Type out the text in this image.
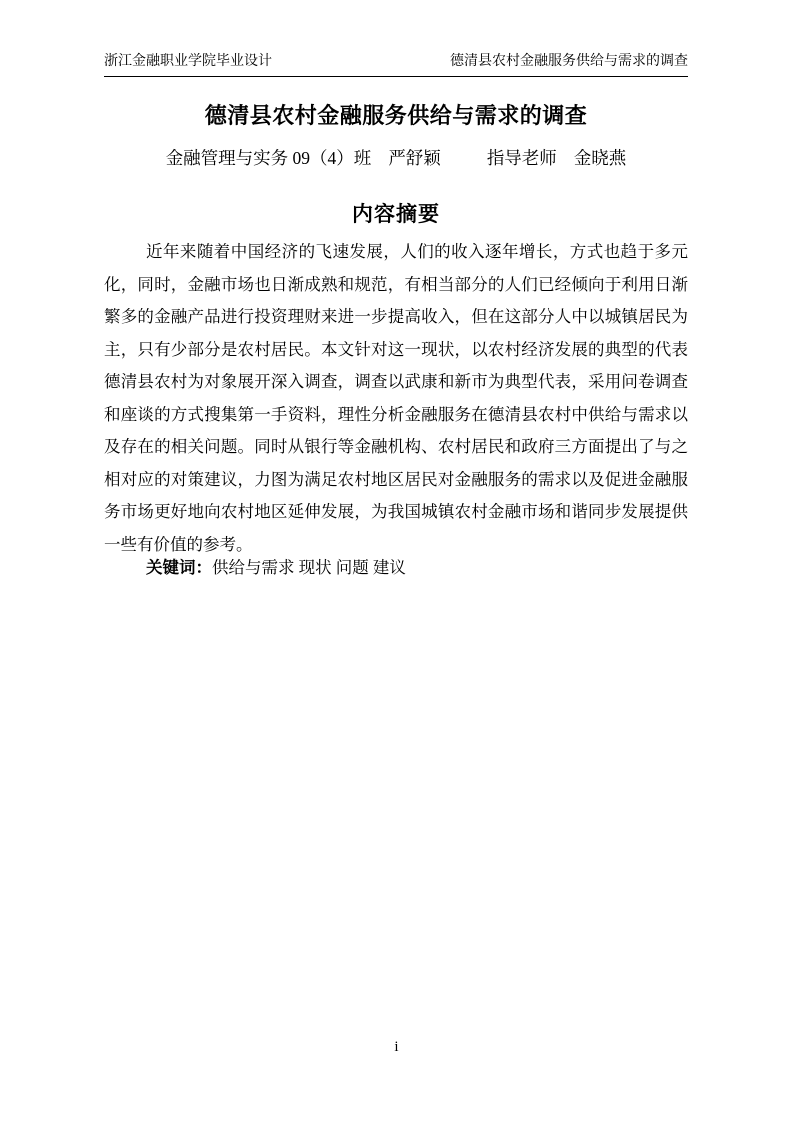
浙江金融职业学院毕业设计	德清县农村金融服务供给与需求的调查
德清县农村金融服务供给与需求的调查
金融管理与实务 09（4）班 严舒颖	指导老师 金晓燕
内容摘要
近年来随着中国经济的飞速发展，人们的收入逐年增长，方式也趋于多元化，同时，金融市场也日渐成熟和规范，有相当部分的人们已经倾向于利用日渐繁多的金融产品进行投资理财来进一步提高收入，但在这部分人中以城镇居民为主，只有少部分是农村居民。本文针对这一现状，以农村经济发展的典型的代表德清县农村为对象展开深入调查，调查以武康和新市为典型代表，采用问卷调查和座谈的方式搜集第一手资料，理性分析金融服务在德清县农村中供给与需求以及存在的相关问题。同时从银行等金融机构、农村居民和政府三方面提出了与之相对应的对策建议，力图为满足农村地区居民对金融服务的需求以及促进金融服务市场更好地向农村地区延伸发展，为我国城镇农村金融市场和谐同步发展提供一些有价值的参考。
关键词：供给与需求 现状 问题 建议
i
